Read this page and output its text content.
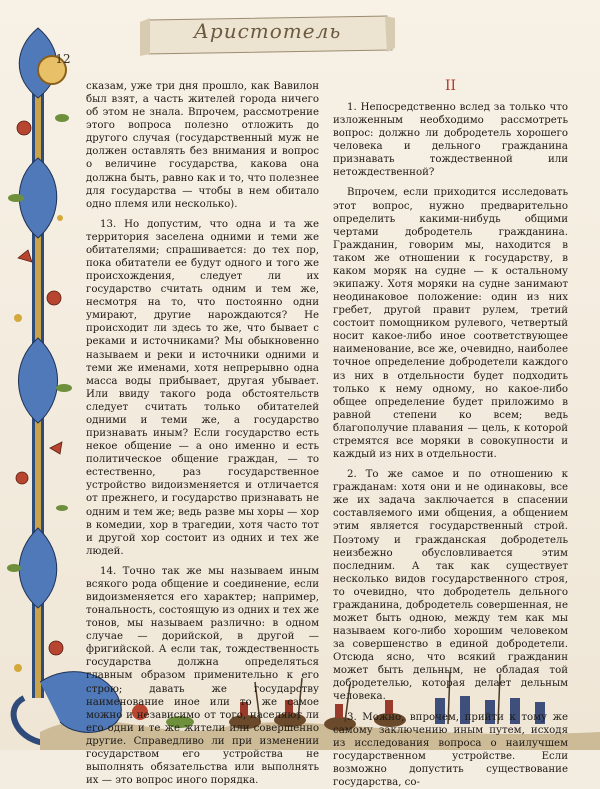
Аристотель
12

сказам, уже три дня прошло, как Вавилон был взят, а часть жителей города ничего об этом не знала. Впрочем, рассмотрение этого вопроса полезно отложить до другого случая (государственный муж не должен оставлять без внимания и вопрос о величине государства, какова она должна быть, равно как и то, что полезнее для государства — чтобы в нем обитало одно племя или несколько).

13. Но допустим, что одна и та же территория заселена одними и теми же обитателями; спрашивается: до тех пор, пока обитатели ее будут одного и того же происхождения, следует ли их государство считать одним и тем же, несмотря на то, что постоянно одни умирают, другие нарождаются? Не происходит ли здесь то же, что бывает с реками и источниками? Мы обыкновенно называем и реки и источники одними и теми же именами, хотя непрерывно одна масса воды прибывает, другая убывает. Или ввиду такого рода обстоятельств следует считать только обитателей одними и теми же, а государство признавать иным? Если государство есть некое общение — а оно именно и есть политическое общение граждан, — то естественно, раз государственное устройство видоизменяется и отличается от прежнего, и государство признавать не одним и тем же; ведь разве мы хоры — хор в комедии, хор в трагедии, хотя часто тот и другой хор состоит из одних и тех же людей.

14. Точно так же мы называем иным всякого рода общение и соединение, если видоизменяется его характер; например, тональность, состоящую из одних и тех же тонов, мы называем различно: в одном случае — дорийской, в другой — фригийской. А если так, тождественность государства должна определяться главным образом применительно к его строю; давать же государству наименование иное или то же самое можно и независимо от того, населяют ли его одни и те же жители или совершенно другие. Справедливо ли при изменении государством его устройства не выполнять обязательства или выполнять их — это вопрос иного порядка.

II

1. Непосредственно вслед за только что изложенным необходимо рассмотреть вопрос: должно ли добродетель хорошего человека и дельного гражданина признавать тождественной или нетождественной?

Впрочем, если приходится исследовать этот вопрос, нужно предварительно определить какими-нибудь общими чертами добродетель гражданина. Гражданин, говорим мы, находится в таком же отношении к государству, в каком моряк на судне — к остальному экипажу. Хотя моряки на судне занимают неодинаковое положение: один из них гребет, другой правит рулем, третий состоит помощником рулевого, четвертый носит какое-либо иное соответствующее наименование, все же, очевидно, наиболее точное определение добродетели каждого из них в отдельности будет подходить только к нему одному, но какое-либо общее определение будет приложимо в равной степени ко всем; ведь благополучие плавания — цель, к которой стремятся все моряки в совокупности и каждый из них в отдельности.

2. То же самое и по отношению к гражданам: хотя они и не одинаковы, все же их задача заключается в спасении составляемого ими общения, а общением этим является государственный строй. Поэтому и гражданская добродетель неизбежно обусловливается этим последним. А так как существует несколько видов государственного строя, то очевидно, что добродетель дельного гражданина, добродетель совершенная, не может быть одною, между тем как мы называем кого-либо хорошим человеком за совершенство в единой добродетели. Отсюда ясно, что всякий гражданин может быть дельным, не обладая той добродетелью, которая делает дельным человека.

3. Можно, впрочем, прийти к тому же самому заключению иным путем, исходя из исследования вопроса о наилучшем государственном устройстве. Если возможно допустить существование государства, со-
